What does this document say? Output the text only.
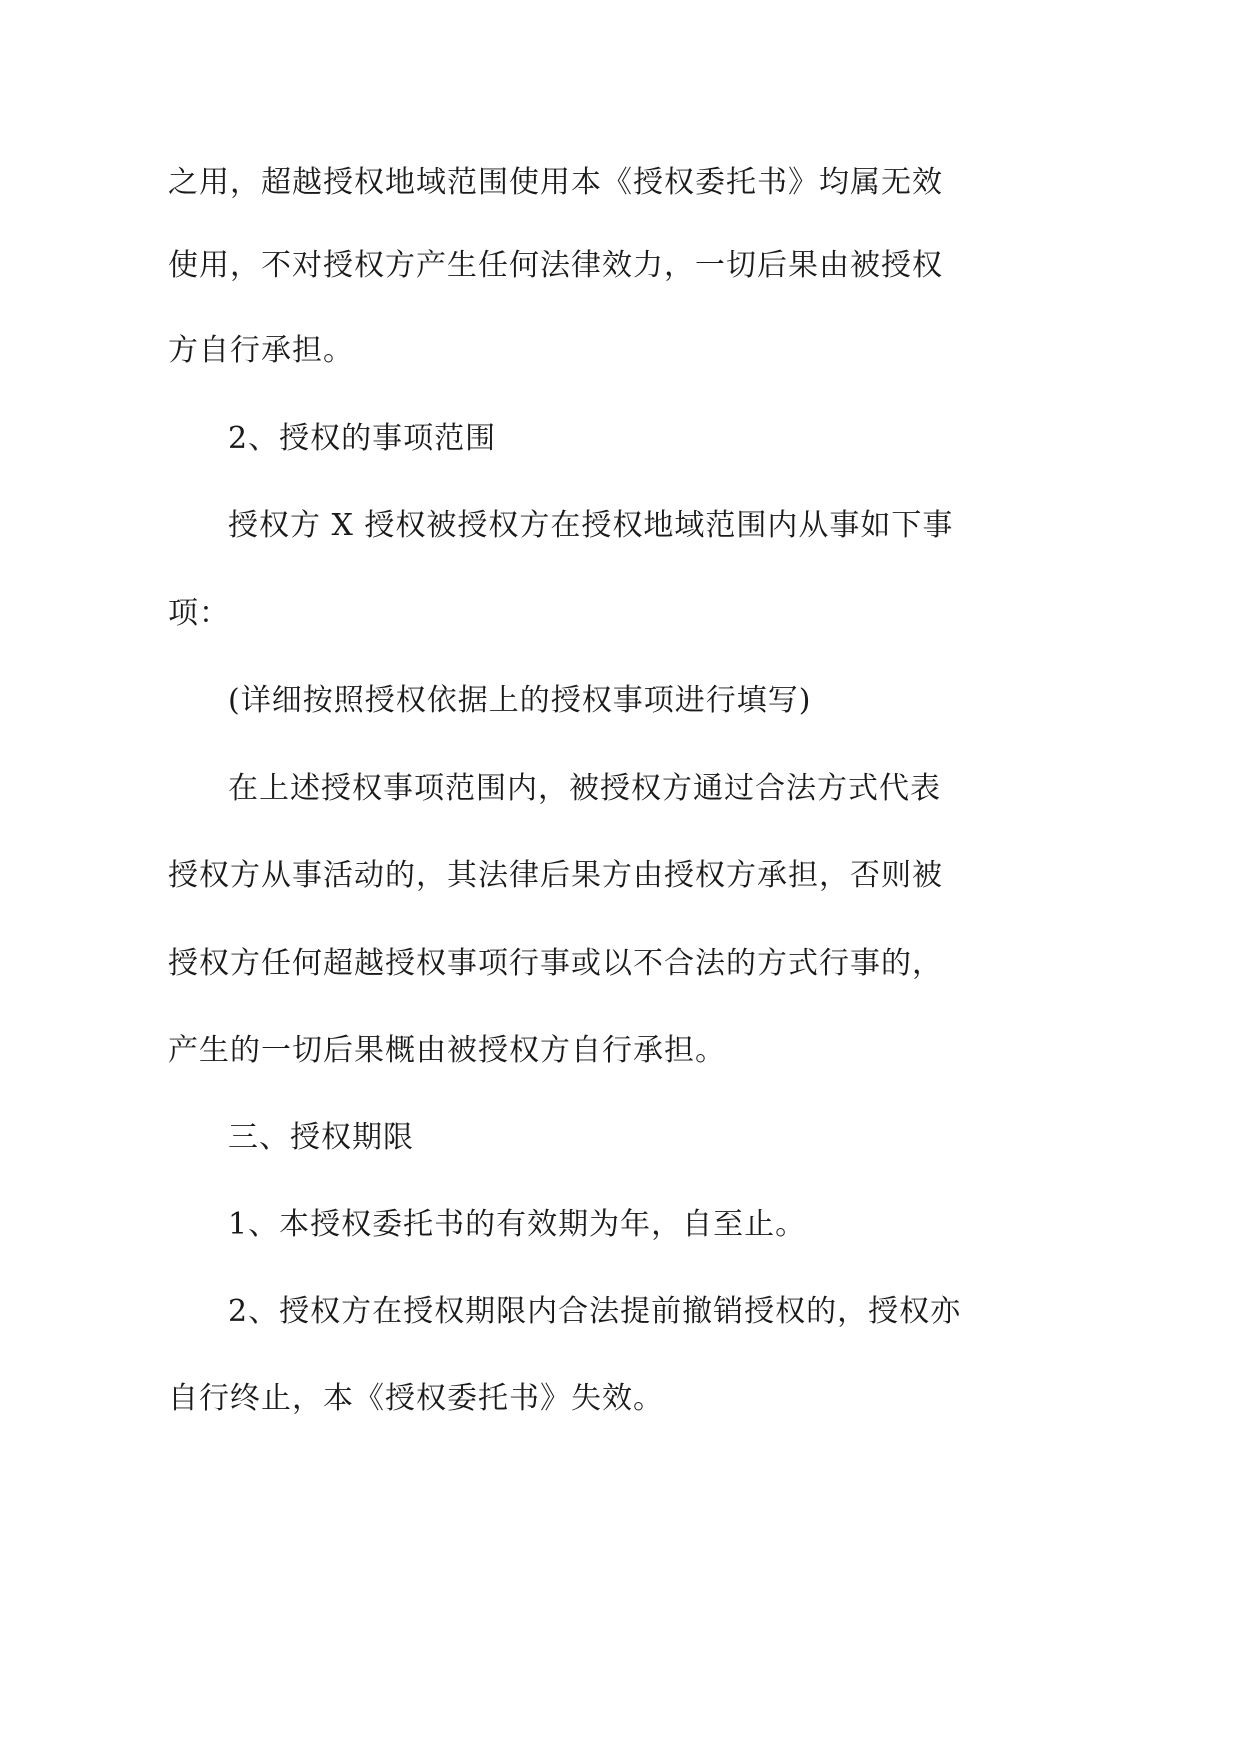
之用，超越授权地域范围使用本《授权委托书》均属无效
使用，不对授权方产生任何法律效力，一切后果由被授权
方自行承担。
2、授权的事项范围
授权方 X 授权被授权方在授权地域范围内从事如下事
项：
(详细按照授权依据上的授权事项进行填写)
在上述授权事项范围内，被授权方通过合法方式代表
授权方从事活动的，其法律后果方由授权方承担，否则被
授权方任何超越授权事项行事或以不合法的方式行事的，
产生的一切后果概由被授权方自行承担。
三、授权期限
1、本授权委托书的有效期为年，自至止。
2、授权方在授权期限内合法提前撤销授权的，授权亦
自行终止，本《授权委托书》失效。
